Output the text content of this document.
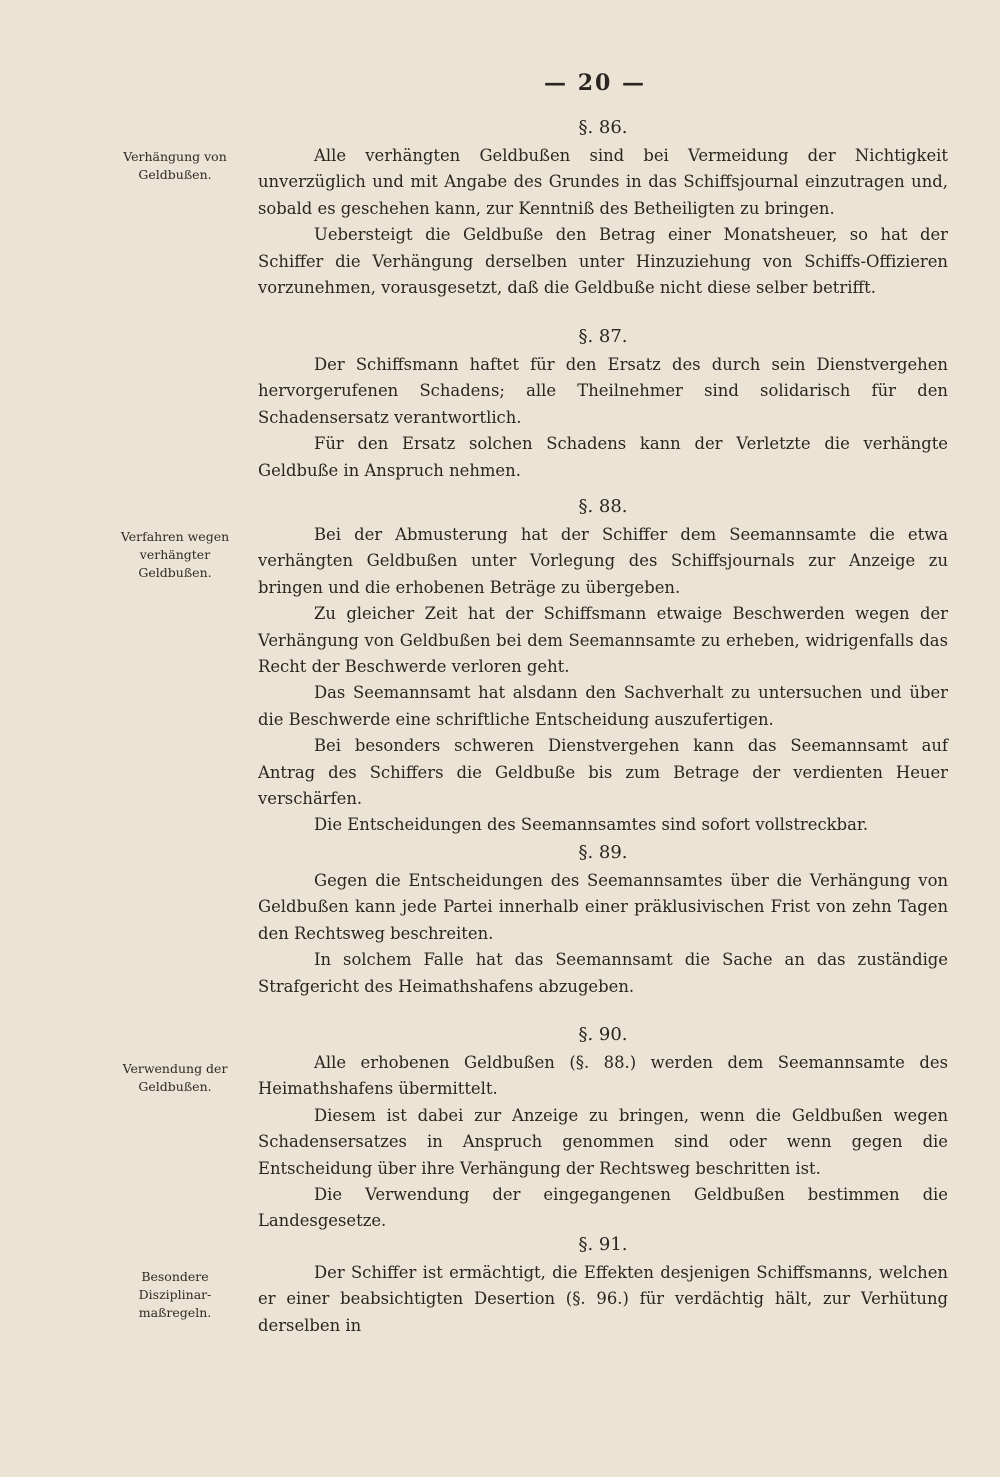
— 20 —
Verhängung von
Geldbußen.
Verfahren wegen
verhängter
Geldbußen.
Verwendung der
Geldbußen.
Besondere
Disziplinar-
maßregeln.
§. 86.

Alle verhängten Geldbußen sind bei Vermeidung der Nichtigkeit unverzüglich und mit Angabe des Grundes in das Schiffsjournal einzutragen und, sobald es geschehen kann, zur Kenntniß des Betheiligten zu bringen.

Uebersteigt die Geldbuße den Betrag einer Monatsheuer, so hat der Schiffer die Verhängung derselben unter Hinzuziehung von Schiffs-Offizieren vorzunehmen, vorausgesetzt, daß die Geldbuße nicht diese selber betrifft.

§. 87.

Der Schiffsmann haftet für den Ersatz des durch sein Dienstvergehen hervorgerufenen Schadens; alle Theilnehmer sind solidarisch für den Schadensersatz verantwortlich.

Für den Ersatz solchen Schadens kann der Verletzte die verhängte Geldbuße in Anspruch nehmen.

§. 88.

Bei der Abmusterung hat der Schiffer dem Seemannsamte die etwa verhängten Geldbußen unter Vorlegung des Schiffsjournals zur Anzeige zu bringen und die erhobenen Beträge zu übergeben.

Zu gleicher Zeit hat der Schiffsmann etwaige Beschwerden wegen der Verhängung von Geldbußen bei dem Seemannsamte zu erheben, widrigenfalls das Recht der Beschwerde verloren geht.

Das Seemannsamt hat alsdann den Sachverhalt zu untersuchen und über die Beschwerde eine schriftliche Entscheidung auszufertigen.

Bei besonders schweren Dienstvergehen kann das Seemannsamt auf Antrag des Schiffers die Geldbuße bis zum Betrage der verdienten Heuer verschärfen.

Die Entscheidungen des Seemannsamtes sind sofort vollstreckbar.

§. 89.

Gegen die Entscheidungen des Seemannsamtes über die Verhängung von Geldbußen kann jede Partei innerhalb einer präklusivischen Frist von zehn Tagen den Rechtsweg beschreiten.

In solchem Falle hat das Seemannsamt die Sache an das zuständige Strafgericht des Heimathshafens abzugeben.

§. 90.

Alle erhobenen Geldbußen (§. 88.) werden dem Seemannsamte des Heimathshafens übermittelt.

Diesem ist dabei zur Anzeige zu bringen, wenn die Geldbußen wegen Schadensersatzes in Anspruch genommen sind oder wenn gegen die Entscheidung über ihre Verhängung der Rechtsweg beschritten ist.

Die Verwendung der eingegangenen Geldbußen bestimmen die Landesgesetze.

§. 91.

Der Schiffer ist ermächtigt, die Effekten desjenigen Schiffsmanns, welchen er einer beabsichtigten Desertion (§. 96.) für verdächtig hält, zur Verhütung derselben in
